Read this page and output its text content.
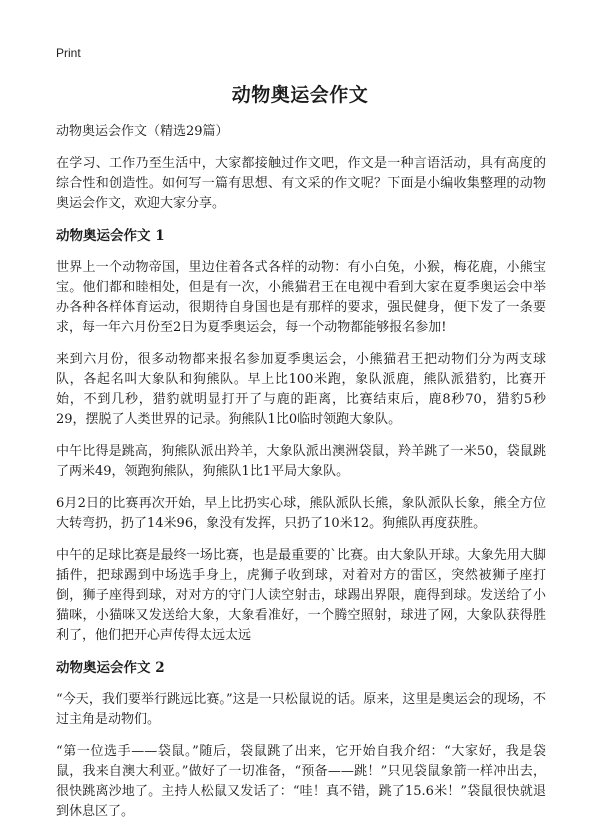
Print
动物奥运会作文
动物奥运会作文（精选29篇）

在学习、工作乃至生活中，大家都接触过作文吧，作文是一种言语活动，具有高度的综合性和创造性。如何写一篇有思想、有文采的作文呢？下面是小编收集整理的动物奥运会作文，欢迎大家分享。

动物奥运会作文 1

世界上一个动物帝国，里边住着各式各样的动物：有小白兔，小猴，梅花鹿，小熊宝宝。他们都和睦相处，但是有一次，小熊猫君王在电视中看到大家在夏季奥运会中举办各种各样体育运动，很期待自身国也是有那样的要求，强民健身，便下发了一条要求，每一年六月份至2日为夏季奥运会，每一个动物都能够报名参加!

来到六月份，很多动物都来报名参加夏季奥运会，小熊猫君王把动物们分为两支球队，各起名叫大象队和狗熊队。早上比100米跑，象队派鹿，熊队派猎豹，比赛开始，不到几秒，猎豹就明显打开了与鹿的距离，比赛结束后，鹿8秒70，猎豹5秒29，摆脱了人类世界的记录。狗熊队1比0临时领跑大象队。

中午比得是跳高，狗熊队派出羚羊，大象队派出澳洲袋鼠，羚羊跳了一米50，袋鼠跳了两米49，领跑狗熊队，狗熊队1比1平局大象队。

6月2日的比赛再次开始，早上比扔实心球，熊队派队长熊，象队派队长象，熊全方位大转弯扔，扔了14米96，象没有发挥，只扔了10米12。狗熊队再度获胜。

中午的足球比赛是最终一场比赛，也是最重要的`比赛。由大象队开球。大象先用大脚插件，把球踢到中场选手身上，虎狮子收到球，对着对方的雷区，突然被狮子座打倒，狮子座得到球，对对方的守门人读空射击，球踢出界限，鹿得到球。发送给了小猫咪，小猫咪又发送给大象，大象看准好，一个腾空照射，球进了网，大象队获得胜利了，他们把开心声传得太远太远

动物奥运会作文 2

“今天，我们要举行跳远比赛。”这是一只松鼠说的话。原来，这里是奥运会的现场，不过主角是动物们。

“第一位选手——袋鼠。”随后，袋鼠跳了出来，它开始自我介绍：“大家好，我是袋鼠，我来自澳大利亚。”做好了一切准备，“预备——跳！”只见袋鼠象箭一样冲出去，很快跳离沙地了。主持人松鼠又发话了：“哇！真不错，跳了15.6米！”袋鼠很快就退到休息区了。
